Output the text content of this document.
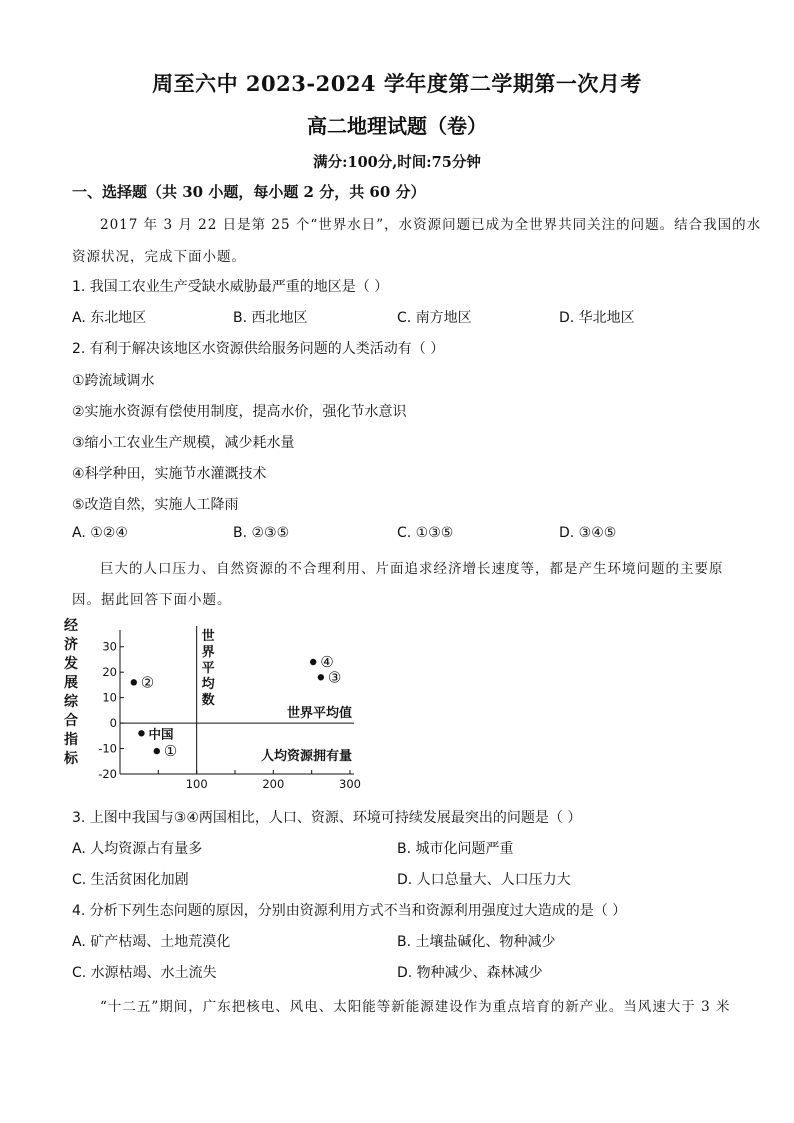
周至六中 2023-2024 学年度第二学期第一次月考
高二地理试题（卷）
满分:100分,时间:75分钟
一、选择题（共 30 小题，每小题 2 分，共 60 分）
2017 年 3 月 22 日是第 25 个“世界水日”，水资源问题已成为全世界共同关注的问题。结合我国的水
资源状况，完成下面小题。
1. 我国工农业生产受缺水威胁最严重的地区是（ ）
A. 东北地区	B. 西北地区	C. 南方地区	D. 华北地区
2. 有利于解决该地区水资源供给服务问题的人类活动有（ ）
①跨流域调水
②实施水资源有偿使用制度，提高水价，强化节水意识
③缩小工农业生产规模，减少耗水量
④科学种田，实施节水灌溉技术
⑤改造自然，实施人工降雨
A. ①②④	B. ②③⑤	C. ①③⑤	D. ③④⑤
巨大的人口压力、自然资源的不合理利用、片面追求经济增长速度等，都是产生环境问题的主要原
因。据此回答下面小题。
经
济
发
展
综
合
指
标
30
20
10
0
-10
-20
100	200	300
世
界
平
均
数
世界平均值
人均资源拥有量
②
中国
①
④
③
3. 上图中我国与③④两国相比，人口、资源、环境可持续发展最突出的问题是（ ）
A. 人均资源占有量多	B. 城市化问题严重
C. 生活贫困化加剧	D. 人口总量大、人口压力大
4. 分析下列生态问题的原因，分别由资源利用方式不当和资源利用强度过大造成的是（ ）
A. 矿产枯竭、土地荒漠化	B. 土壤盐碱化、物种减少
C. 水源枯竭、水土流失	D. 物种减少、森林减少
“十二五”期间，广东把核电、风电、太阳能等新能源建设作为重点培育的新产业。当风速大于 3 米
